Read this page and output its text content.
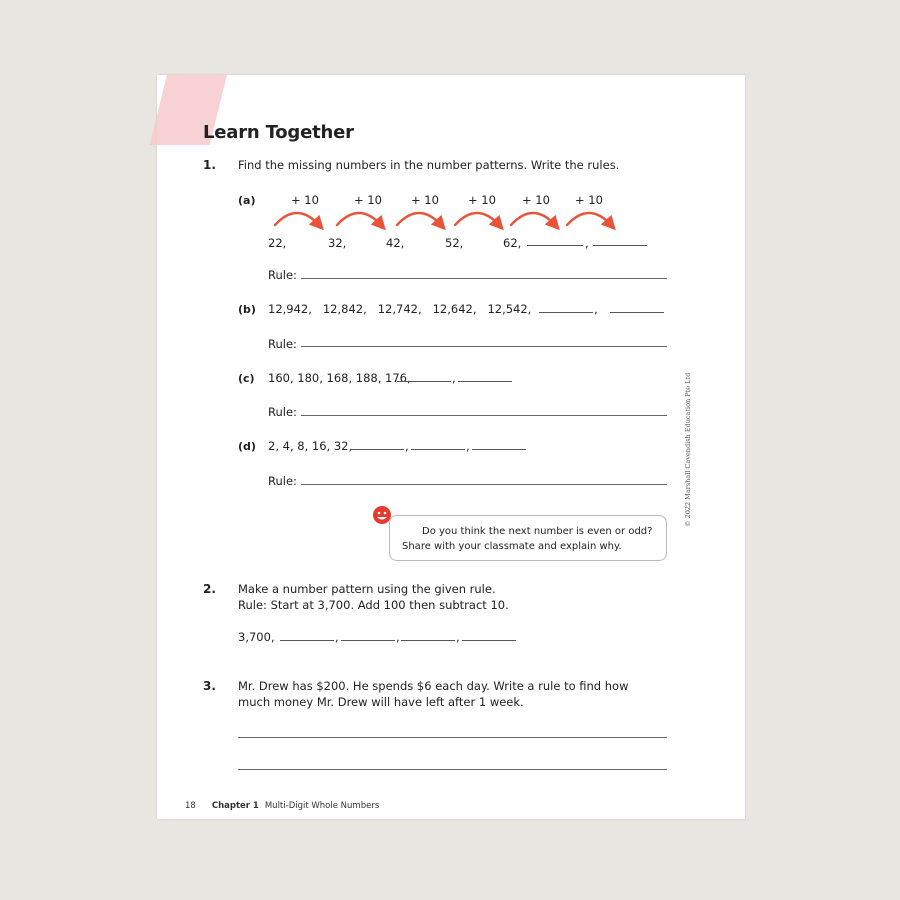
Learn Together
1. Find the missing numbers in the number patterns. Write the rules.
(a)	+ 10	+ 10	+ 10	+ 10 + 10 + 10
22,	32,	42,	52,	62,	,
Rule:
(b) 12,942,   12,842,   12,742,   12,642,   12,542,	,
Rule:
(c) 160, 180, 168, 188, 176,	,
Rule:
(d) 2, 4, 8, 16, 32,	,	,
Rule:
Do you think the next number is even or odd?
Share with your classmate and explain why.
2. Make a number pattern using the given rule.
Rule: Start at 3,700. Add 100 then subtract 10.
3,700,	,	,	,
3. Mr. Drew has $200. He spends $6 each day. Write a rule to find how
much money Mr. Drew will have left after 1 week.
© 2022 Marshall Cavendish Education Pte Ltd
18 Chapter 1 Multi-Digit Whole Numbers
